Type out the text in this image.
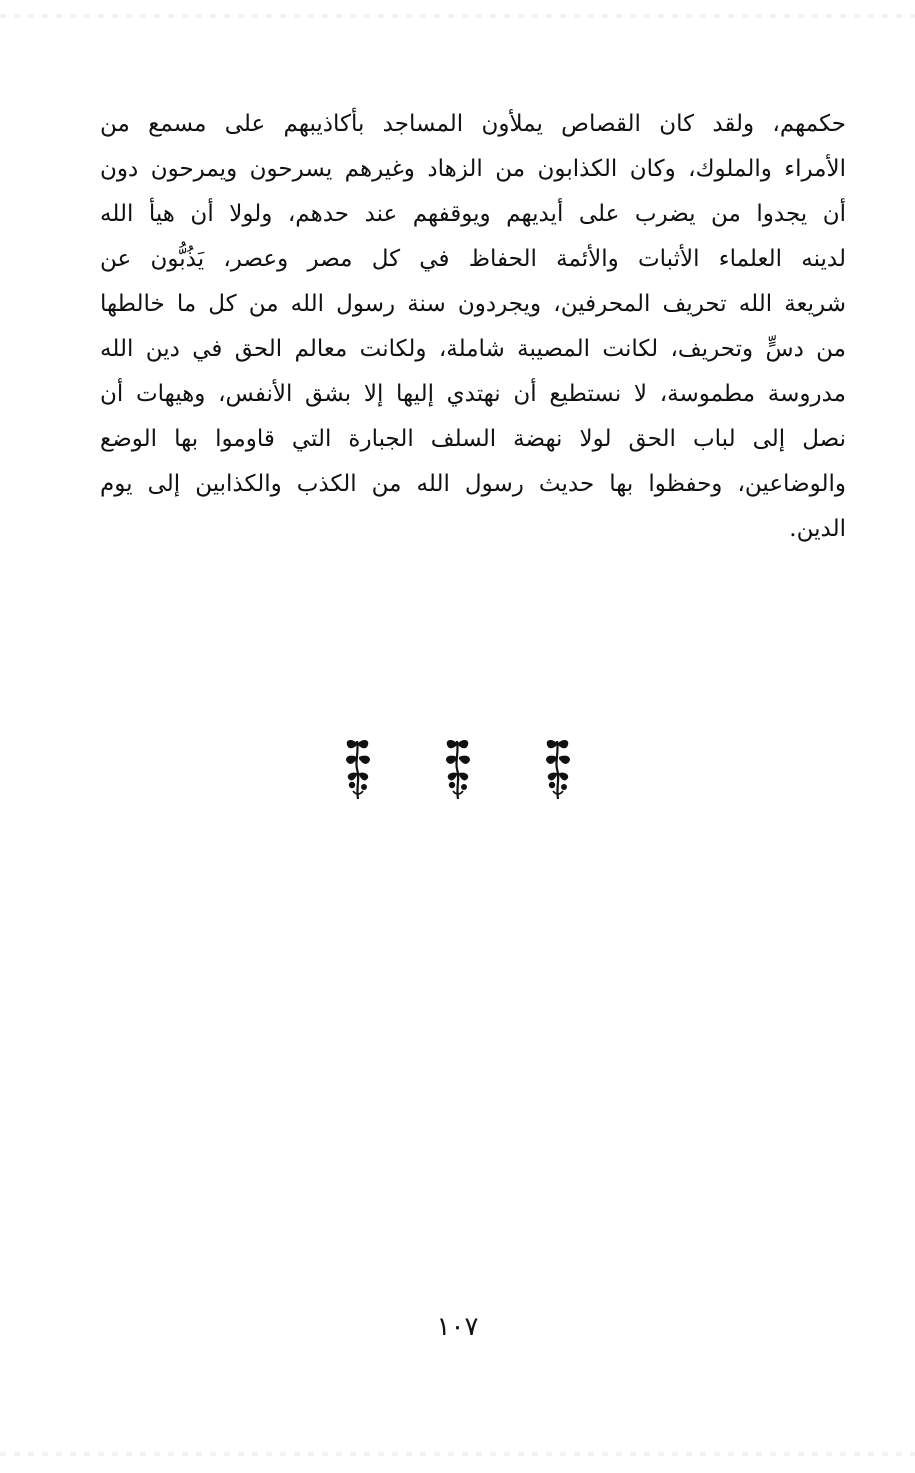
حكمهم، ولقد كان القصاص يملأون المساجد بأكاذيبهم على مسمع من
الأمراء والملوك، وكان الكذابون من الزهاد وغيرهم يسرحون ويمرحون دون
أن يجدوا من يضرب على أيديهم ويوقفهم عند حدهم، ولولا أن هيأ الله
لدينه العلماء الأثبات والأئمة الحفاظ في كل مصر وعصر، يَذُبُّون عن
شريعة الله تحريف المحرفين، ويجردون سنة رسول الله من كل ما خالطها
من دسٍّ وتحريف، لكانت المصيبة شاملة، ولكانت معالم الحق في دين الله
مدروسة مطموسة، لا نستطيع أن نهتدي إليها إلا بشق الأنفس، وهيهات أن
نصل إلى لباب الحق لولا نهضة السلف الجبارة التي قاوموا بها الوضع
والوضاعين، وحفظوا بها حديث رسول الله من الكذب والكذابين إلى يوم
الدين.
١٠٧
